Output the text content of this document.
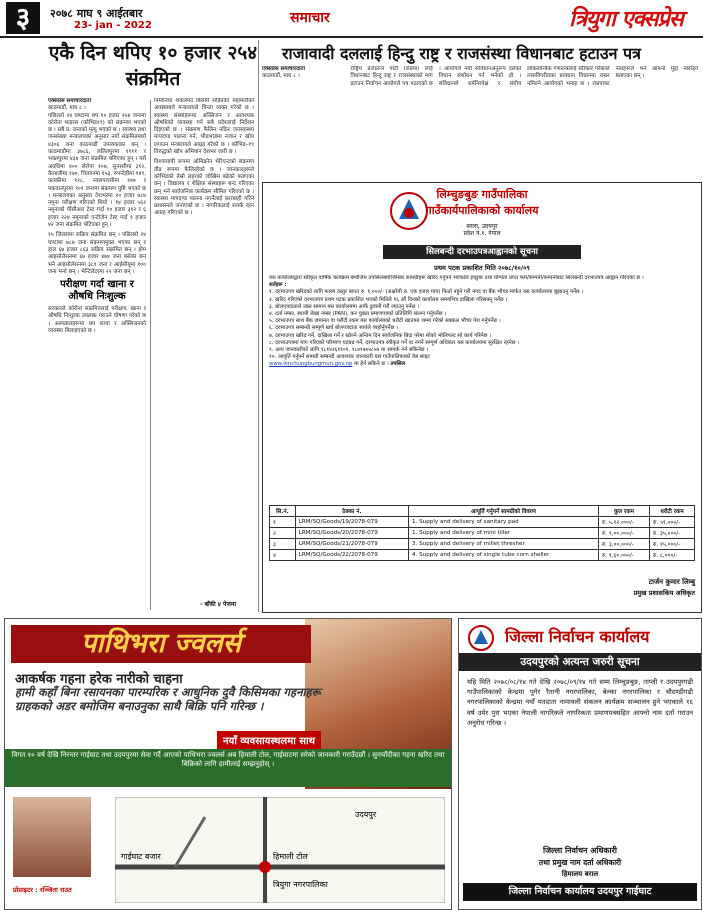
३	२०७८ माघ ९ आईतबार
23- jan - 2022	समाचार	त्रियुगा एक्सप्रेस
एकै दिन थपिए १० हजार २५४ संक्रमित
एक्सप्रेस समाचारदाता
काठमाडौं, माघ ८ ।
पछिल्लो २४ घण्टामा थप १० हजार २५४ जनामा कोरोना भाइरस (कोभिड१९) को संक्रमण भएको छ । सबै प्र. जनाको मृत्यु भएको छ । स्वास्थ्य तथा जनसंख्या मन्त्रालयका अनुसार नयाँ संक्रमितमध्ये ४३०६ जना काठमाडौं उपत्यकाका छन् । काठमाडौंमा ३७८६, ललितपुरमा ११११ र भक्तपुरमा ४३४ जना संक्रमित थपिएका हुन् । यसै अवधिमा ४०० सेरोपा १०७, सुनसरीमा ३१२, कैलालीमा १७०, चितवनमा १५३, रुपन्देहीमा १४९, कास्कीमा १२८, नवलपरासीमा १४७ र मकवानपुरमा ९०१ जनामा संक्रमण पुष्टि भएको छ । मन्त्रालयका अनुसार देशभरमा २० हजार ७८७ नमूना परीक्षण गरिएको थियो । १४ हजार ५६२ नमूनाको पीसीआर टेस्ट गर्दा १० हजार ३१२ र ६ हजार २२४ नमूनाको एन्टीजेन टेस्ट गर्दा १ हजार ४२ जना संक्रमित भेटिएका हुन् ।
१५ जिल्लामा सक्रिय संक्रमित छन् । पछिल्लो २४ घण्टामा ७८७ जना संक्रमणमुक्त भएका छन् र हाल ६७ हजार ८६३ सक्रिय संक्रमित छन् । होम आइसोलेसनमा ६७ हजार ४७४ जना बसेका छन् भने आइसोलेसनमा ३८९ जना र आईसीयूमा १०० जना भर्ना छन् । भेन्टिलेटरमा २२ जना छन् ।
परीक्षण गर्दा खाना र औषधि निःशुल्क
सरकारले कोरोना संक्रमितलाई परीक्षण, खाना र औषधि निःशुल्क उपलब्ध गराउने घोषणा गरेको छ । अस्पतालहरूमा थप शय्या र अक्सिजनको व्यवस्था मिलाइएको छ ।
निमोनिया शंकास्पद बिरामी सहितको महामारीको अवस्थाबारे मन्त्रालयले चिन्ता व्यक्त गरेको छ । स्वास्थ्य संस्थाहरूमा अक्सिजन र आवश्यक औषधिको व्यवस्था गर्न सबै प्रदेशलाई निर्देशन दिइएको छ । संक्रमण फैलिन नदिन जनस्वास्थ्य मापदण्ड पालना गर्न, भीडभाडमा नजान र खोप लगाउन मन्त्रालयले आग्रह गरेको छ । कोभिड–१९ विरुद्धको खोप अभियान देशभर जारी छ ।
विश्वव्यापी रूपमा ओमिक्रोन भेरिएन्टको संक्रमण तीव्र रूपमा फैलिरहेको छ । जानकारहरूले कोभिडको तेस्रो लहरको जोखिम बढेको बताएका छन् । विद्यालय र शैक्षिक संस्थाहरू बन्द गरिएका छन् भने सार्वजनिक कार्यक्रम सीमित गरिएको छ । स्वास्थ्य मापदण्ड पालना नगर्नेलाई कारबाही गरिने प्रशासनले जनाएको छ । नागरिकलाई सतर्क रहन आग्रह गरिएको छ ।
- बाँकी ४ पेजमा
राजावादी दललाई हिन्दु राष्ट्र र राजसंस्था विधानबाट हटाउन पत्र
एक्सप्रेस समाचारदाता
काठमाडौं, माघ ८ ।
राष्ट्रिय प्रजातन्त्र पार्टी (राप्रपा) लाई विधानबाट हिन्दु राष्ट्र र राजसंस्थाको माग हटाउन निर्वाचन आयोगले पत्र पठाएको छ । आयोगले नयाँ संविधानअनुरूप दलको विधान संशोधन गर्न भनेको हो । संविधानले धर्मनिरपेक्ष र संघीय लोकतान्त्रिक गणतन्त्रलाई स्वीकार गरेकाले त्यसविपरीतका प्रावधान विधानमा राख्न नमिल्ने आयोगको भनाइ छ । राप्रपाका नेताहरूले भने आफ्नो मुद्दा नछाड्ने बताएका छन् ।
लिम्चुङबुङ गाउँपालिका
गाउँकार्यपालिकाको कार्यालय
बरला, उदयपुर
प्रदेश नं.१, नेपाल
सिलबन्दी दरभाउपत्रआह्वानको सूचना
प्रथम पटक प्रकाशित मिति २०७८/१०/०९
यस कार्यालयद्वारा स्वीकृत वार्षिक कार्यक्रम बमोजिम तपसिलबमोजिमका सामग्रीहरू खरिद गर्नुपर्ने भएकोले इच्छुक तथा योग्यता प्राप्त फर्म/कम्पनी/कम्पनीबाट सिलबन्दी दरभाउपत्र आह्वान गरिएको छ ।
शर्तहरू :
१. दरभाउपत्र खरिदको लागि फारम दस्तुर बापत रु. १,०००/- (अक्षरेपी रु. एक हजार मात्र) फिर्ता नहुने गरी नगद वा बैंक भौचर मार्फत यस कार्यालयमा बुझाउनु पर्नेछ ।
२. खरिद गरिएको दरभाउपत्र प्रथम पटक प्रकाशित भएको मितिले १६ औं दिनको कार्यालय समयभित्र दाखिला गरिसक्नु पर्नेछ ।
३. बोलपत्रदाताले उक्त सामान यस कार्यालयमा आफैं ढुवानी गरी ल्याउनु पर्नेछ ।
४. दर्ता नम्बर, स्थायी लेखा नम्बर (PAN), कर चुक्ता प्रमाणपत्रको प्रतिलिपि संलग्न गर्नुपर्नेछ ।
५. दरभाउपत्र साथ बैंक जमानत वा धरौटी रकम यस कार्यालयको धरौटी खातामा जम्मा गरेको सक्कल भौचर पेश गर्नुपर्नेछ ।
६. दरभाउपत्र सम्बन्धी सम्पूर्ण खर्च बोलपत्रदाता स्वयंले व्यहोर्नुपर्नेछ ।
७. दरभाउपत्र खरिद गर्ने, दाखिला गर्ने र खोल्ने अन्तिम दिन सार्वजनिक बिदा परेमा सोको भोलिपल्ट सो कार्य गरिनेछ ।
८. दरभाउपत्रमा माग गरिएको परिमाण घटबढ गर्ने, दरभाउपत्र स्वीकृत गर्ने वा नगर्ने सम्पूर्ण अधिकार यस कार्यालयमा सुरक्षित रहनेछ ।
९. अन्य जानकारीको लागि ९८१४२६११०१, ९८४१७०४८५७ मा सम्पर्क गर्न सकिनेछ ।
१०. आपूर्ति गर्नुपर्ने सामग्री सम्बन्धी आवश्यक जानकारी यस गाउँपालिकाको वेब साइट
www.limchungbungmun.gov.np मा हेर्न सकिने छ । तपसिल
सि.नं.	ठेक्का नं.	आपूर्ति गर्नुपर्ने सामग्रीको विवरण	कुल रकम	धरौटी रकम
१	LRM/SQ/Goods/19/2078-079	1. Supply and delivery of sanitary pad	रु. ५,१२,०००/-	रु. ५१,०००/-
२	LRM/SQ/Goods/20/2078-079	1. Supply and delivery of mini tiller	रु. ९,००,०००/-	रु. ३५,०००/-
३	LRM/SQ/Goods/21/2078-079	3. Supply and delivery of millet thresher	रु. ३,००,०००/-	रु. १५,०००/-
४	LRM/SQ/Goods/22/2078-079	4. Supply and delivery of single tube corn sheller	रु. १,६०,०००/-	रु. ८,०००/-
टार्जन कुमार लिम्बु
प्रमुख प्रशासकिय अधिकृत
पाथिभरा ज्वलर्स
आकर्षक गहना हरेक नारीको चाहना
हामी कहाँ बिना रसायनका पारम्परिक र आधुनिक दुवै किसिमका गहनाहरू ग्राहकको अडर बमोजिम बनाउनुका साथै बिक्रि पनि गरिन्छ ।
नयाँ व्यवसायस्थलमा साथ
विगत १० वर्ष देखि निरन्तर गाईघाट तथा उदयपुरमा सेवा गर्दै आएको पाथिभरा ज्वलर्स अब हिमाली टोल, गाईघाटमा सरेको जानकारी गराउँदछौं । सुनचाँदीका गहना खरिद तथा बिक्रिको लागि हामीलाई सम्झनुहोस् ।
प्रोप्राइटर : रञ्जिता राउत
गाईघाट बजार	हिमाली टोल
त्रियुगा नगरपालिका
उदयपुर
जिल्ला निर्वाचन कार्यालय
उदयपुरको अत्यन्त जरुरी सूचना
यहि मिति २०७८/०८/१४ गते देखि २०७८/०९/१४ गते सम्म लिम्चुङबुङ, ताप्ली र उदयपुरगढी गाउँपालिकाको केन्द्रमा पुगेर रैतानी नगरपालिका, बेल्का नगरपालिका र चौदण्डीगढी नगरपालिकाको केन्द्रमा नयाँ मतदाता नामावली संकलन कार्यक्रम सञ्चालन हुने भएकाले १६ वर्ष उमेर पुरा भएका नेपाली नागरिकले नागरिकता प्रमाणपत्रसहित आफ्नो नाम दर्ता गराउन अनुरोध गरिन्छ ।
जिल्ला निर्वाचन अधिकारी
तथा प्रमुख नाम दर्ता अधिकारी
हिमालय बराल
जिल्ला निर्वाचन कार्यालय उदयपुर गाईघाट
